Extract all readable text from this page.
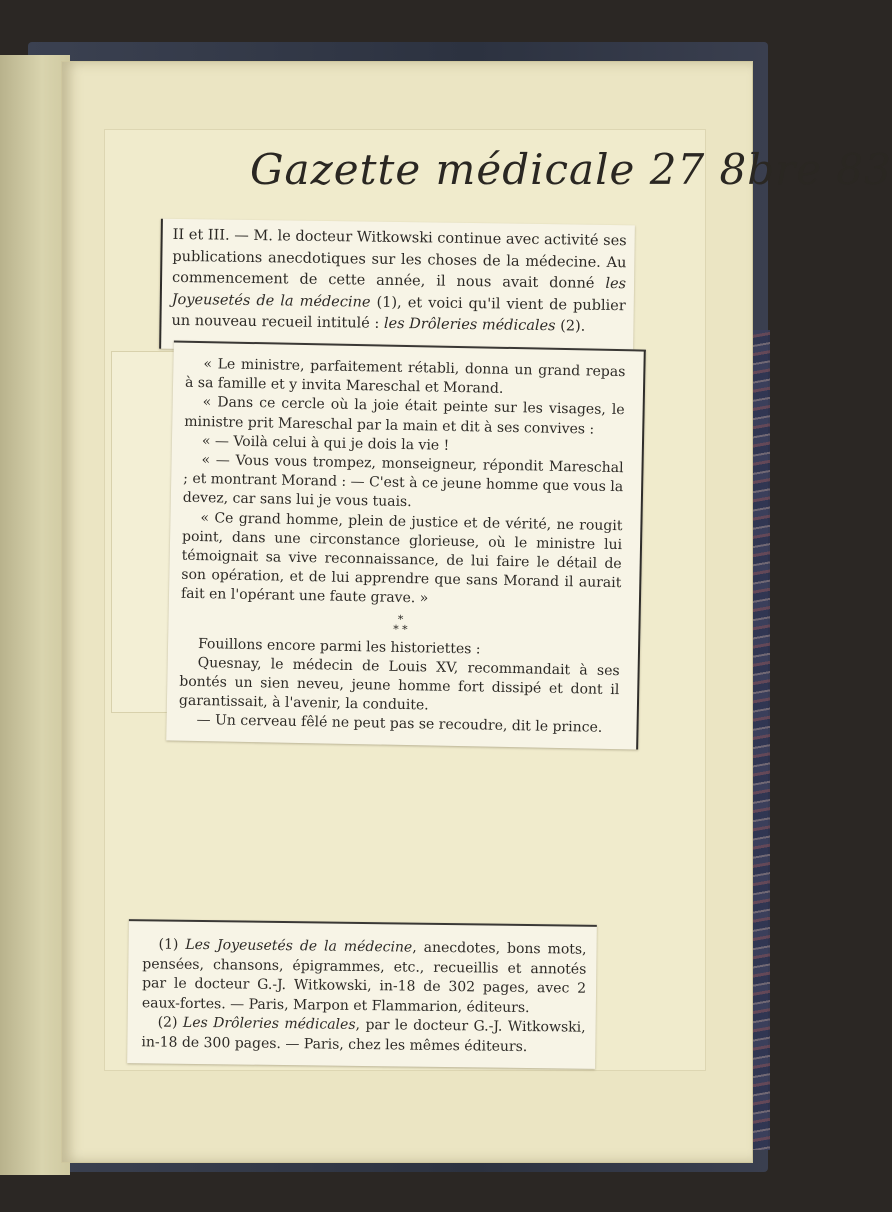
Gazette médicale 27 8bre 83

II et III. — M. le docteur Witkowski continue avec activité ses publications anecdotiques sur les choses de la médecine. Au commencement de cette année, il nous avait donné les Joyeusetés de la médecine (1), et voici qu'il vient de publier un nouveau recueil intitulé : les Drôleries médicales (2).

« Le ministre, parfaitement rétabli, donna un grand repas à sa famille et y invita Mareschal et Morand.

« Dans ce cercle où la joie était peinte sur les visages, le ministre prit Mareschal par la main et dit à ses convives :

« — Voilà celui à qui je dois la vie !

« — Vous vous trompez, monseigneur, répondit Mareschal ; et montrant Morand : — C'est à ce jeune homme que vous la devez, car sans lui je vous tuais.

« Ce grand homme, plein de justice et de vérité, ne rougit point, dans une circonstance glorieuse, où le ministre lui témoignait sa vive reconnaissance, de lui faire le détail de son opération, et de lui apprendre que sans Morand il aurait fait en l'opérant une faute grave. »

*
* *

Fouillons encore parmi les historiettes :

Quesnay, le médecin de Louis XV, recommandait à ses bontés un sien neveu, jeune homme fort dissipé et dont il garantissait, à l'avenir, la conduite.

— Un cerveau fêlé ne peut pas se recoudre, dit le prince.

(1) Les Joyeusetés de la médecine, anecdotes, bons mots, pensées, chansons, épigrammes, etc., recueillis et annotés par le docteur G.-J. Witkowski, in-18 de 302 pages, avec 2 eaux-fortes. — Paris, Marpon et Flammarion, éditeurs.

(2) Les Drôleries médicales, par le docteur G.-J. Witkowski, in-18 de 300 pages. — Paris, chez les mêmes éditeurs.
